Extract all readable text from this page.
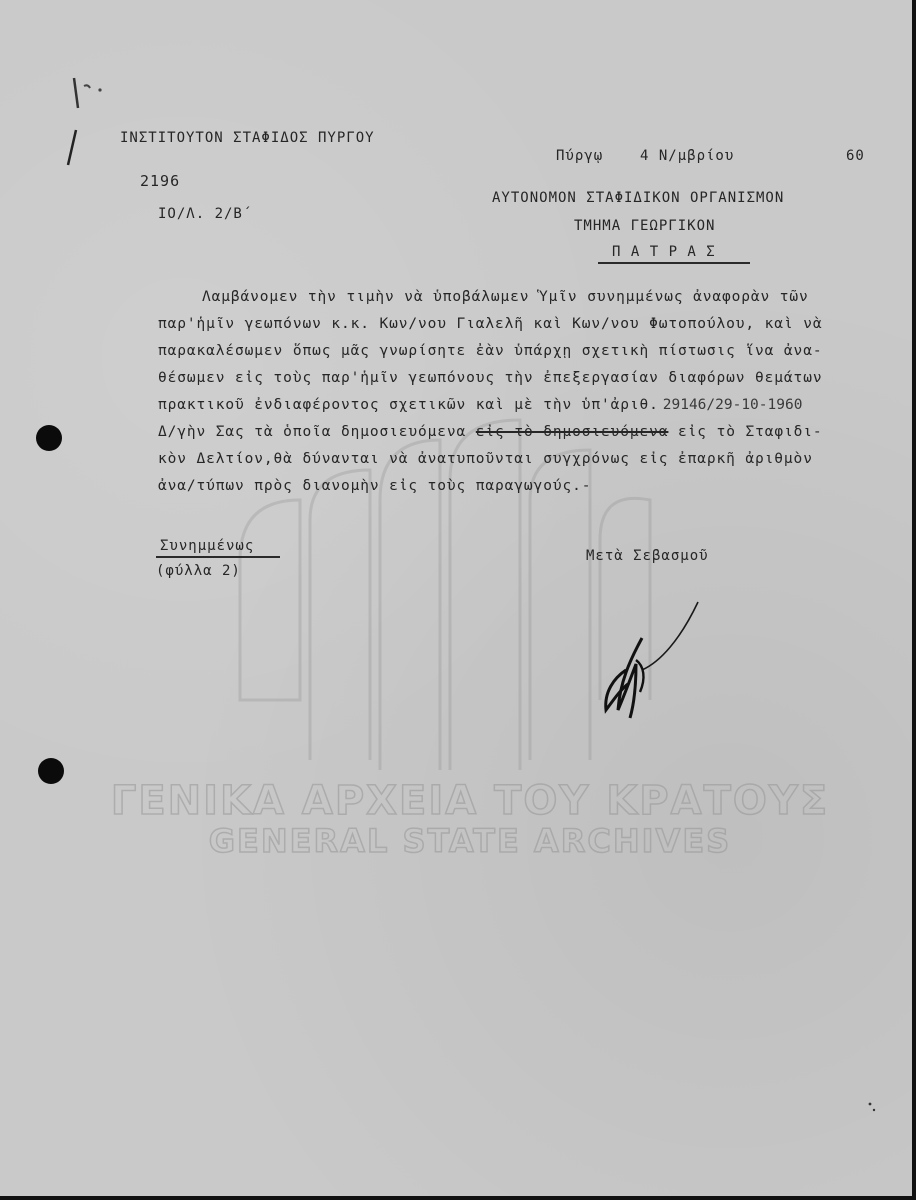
ΓΕΝΙΚΑ ΑΡΧΕΙΑ ΤΟΥ ΚΡΑΤΟΥΣ
GENERAL STATE ARCHIVES
ΙΝΣΤΙΤΟΥΤΟΝ ΣΤΑΦΙΔΟΣ ΠΥΡΓΟΥ
2196
ΙΟ/Λ. 2/Β΄
Πύργῳ	4 Ν/μβρίου	60
ΑΥΤΟΝΟΜΟΝ ΣΤΑΦΙΔΙΚΟΝ ΟΡΓΑΝΙΣΜΟΝ
ΤΜΗΜΑ ΓΕΩΡΓΙΚΟΝ
Π Α Τ Ρ Α Σ
Λαμβάνομεν τὴν τιμὴν νὰ ὑποβάλωμεν Ὑμῖν συνημμένως ἀναφορὰν τῶν
παρ'ἡμῖν γεωπόνων κ.κ. Κων/νου Γιαλελῆ καὶ Κων/νου Φωτοπούλου, καὶ νὰ
παρακαλέσωμεν ὅπως μᾶς γνωρίσητε ἐὰν ὑπάρχῃ σχετικὴ πίστωσις ἵνα ἀνα-
θέσωμεν εἰς τοὺς παρ'ἡμῖν γεωπόνους τὴν ἐπεξεργασίαν διαφόρων θεμάτων
πρακτικοῦ ἐνδιαφέροντος σχετικῶν καὶ μὲ τὴν ὑπ'ἀριθ. 29146/29-10-1960
Δ/γὴν Σας τὰ ὁποῖα δημοσιευόμενα εἰς τὸ δημοσιευόμενα εἰς τὸ Σταφιδι-
κὸν Δελτίον,θὰ δύνανται νὰ ἀνατυποῦνται συγχρόνως εἰς ἐπαρκῆ ἀριθμὸν
ἀνα/τύπων πρὸς διανομὴν εἰς τοὺς παραγωγούς.-
Συνημμένως
(φύλλα 2)
Μετὰ Σεβασμοῦ
